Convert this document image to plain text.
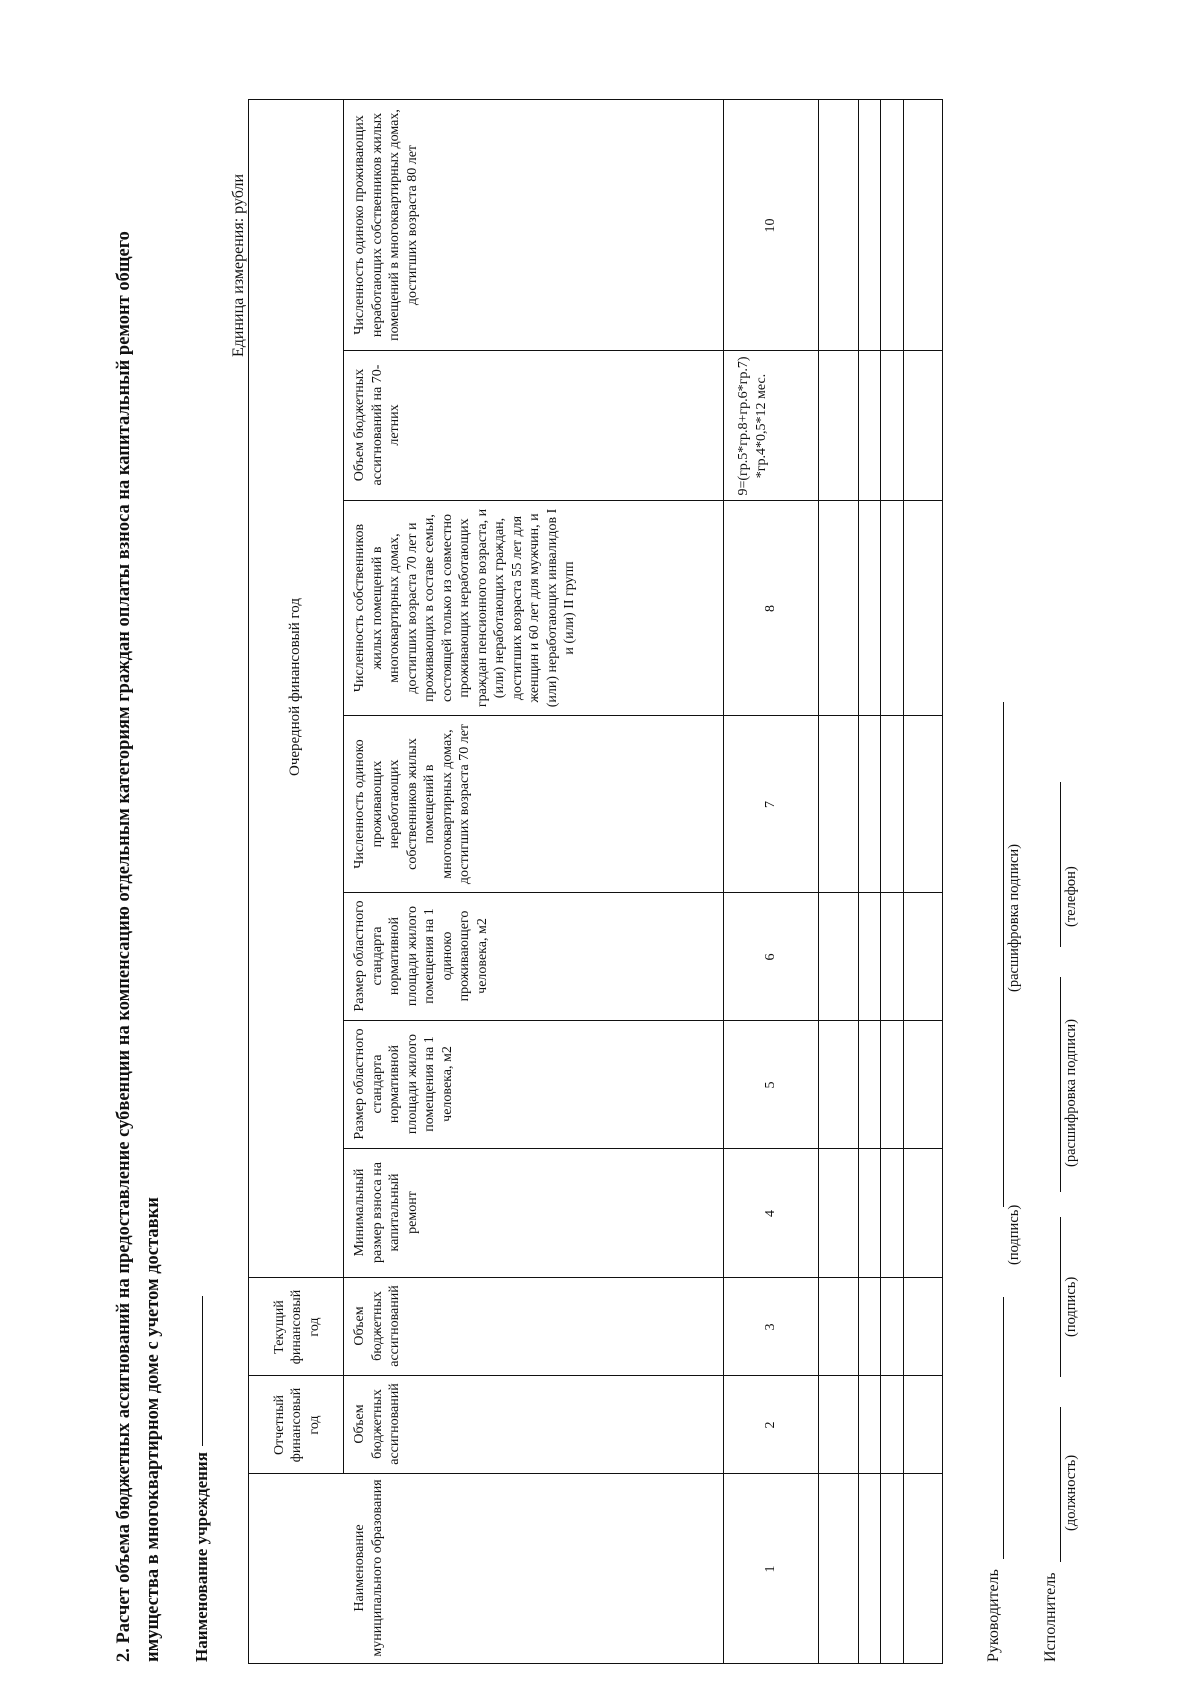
2. Расчет объема бюджетных ассигнований на предоставление субвенции на компенсацию отдельным категориям граждан оплаты взноса на капитальный ремонт общего имущества в многоквартирном доме с учетом доставки Наименование учреждения
Единица измерения: рубли
Отчетный финансовый год
Текущий финансовый год
Очередной финансовый год
Наименование муниципального образования
Объем бюджетных ассигнований
Объем бюджетных ассигнований
Минимальный размер взноса на капитальный ремонт
Размер областного стандарта нормативной площади жилого помещения на 1 человека, м2
Размер областного стандарта нормативной площади жилого помещения на 1 одиноко проживающего человека, м2
Численность одиноко проживающих неработающих собственников жилых помещений в многоквартирных домах, достигших возраста 70 лет
Численность собственников жилых помещений в многоквартирных домах, достигших возраста 70 лет и проживающих в составе семьи, состоящей только из совместно проживающих неработающих граждан пенсионного возраста, и (или) неработающих граждан, достигших возраста 55 лет для женщин и 60 лет для мужчин, и (или) неработающих инвалидов I и (или) II групп
Объем бюджетных ассигнований на 70-летних
Численность одиноко проживающих неработающих собственников жилых помещений в многоквартирных домах, достигших возраста 80 лет
1
2
3
4
5
6
7
8
9=(гр.5*гр.8+гр.6*гр.7) *гр.4*0,5*12 мес.
10
Руководитель
(подпись)
(расшифровка подписи)
Исполнитель
(должность)
(подпись)
(расшифровка подписи)
(телефон)
